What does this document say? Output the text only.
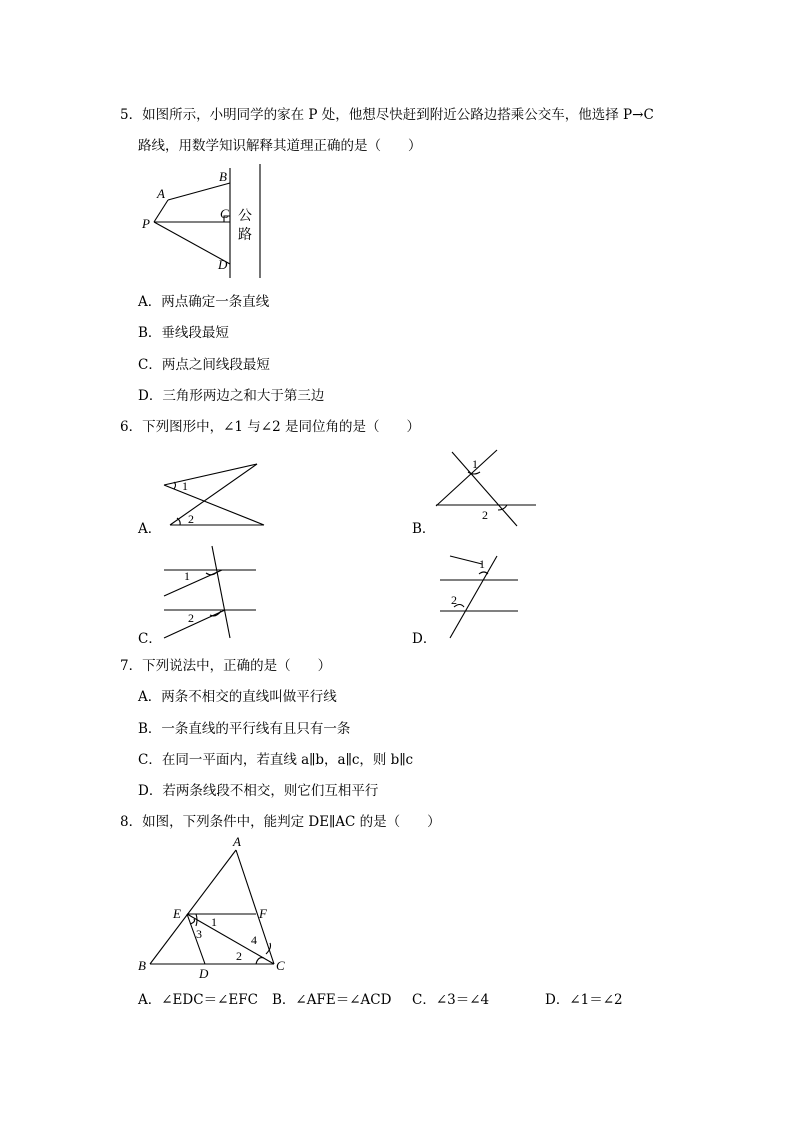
5．如图所示，小明同学的家在 P 处，他想尽快赶到附近公路边搭乘公交车，他选择 P→C
路线，用数学知识解释其道理正确的是（　　）
A
B
C
D
P	公
路
A．两点确定一条直线
B．垂线段最短
C．两点之间线段最短
D．三角形两边之和大于第三边
6．下列图形中，∠1 与∠2 是同位角的是（　　）
A．
1
2
B．
1
2
C．
1
2
D．
1
2
7．下列说法中，正确的是（　　）
A．两条不相交的直线叫做平行线
B．一条直线的平行线有且只有一条
C．在同一平面内，若直线 a∥b，a∥c，则 b∥c
D．若两条线段不相交，则它们互相平行
8．如图，下列条件中，能判定 DE∥AC 的是（　　）
A
B	C
D
E	F
1
2
3	4
A．∠EDC＝∠EFC B．∠AFE＝∠ACD C．∠3＝∠4	D．∠1＝∠2
